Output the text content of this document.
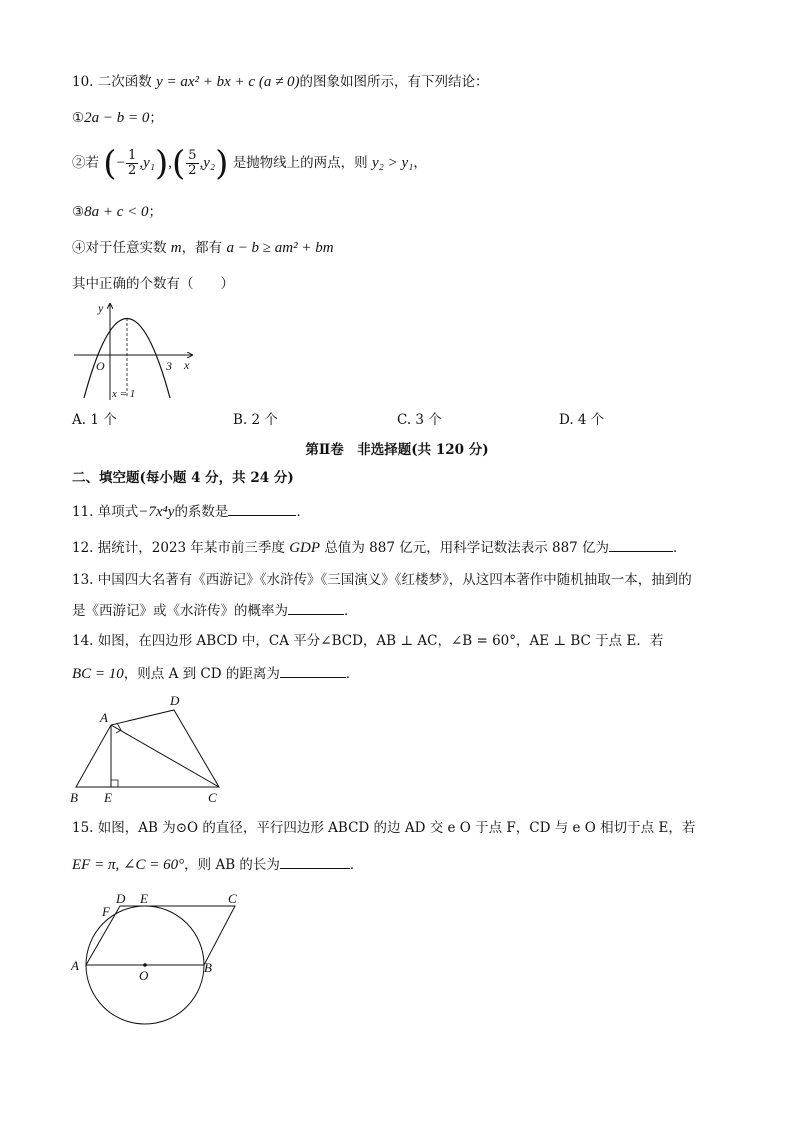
10. 二次函数 y = ax² + bx + c (a ≠ 0)的图象如图所示，有下列结论：
①2a − b = 0；
②若 (− $\frac{1}{2} ,y_1),( \frac{5}{2} ,y_2)$ 是抛物线上的两点，则 y₂ > y₁，
③8a + c < 0；
④对于任意实数 m，都有 a − b ≥ am² + bm
其中正确的个数有（　　）
y
x
O	3
x = 1
A. 1 个	B. 2 个	C. 3 个	D. 4 个
第Ⅱ卷　非选择题(共 120 分)
二、填空题(每小题 4 分，共 24 分)
11. 单项式−7x⁴y的系数是	．
12. 据统计，2023 年某市前三季度 GDP 总值为 887 亿元，用科学记数法表示 887 亿为	．
13. 中国四大名著有《西游记》《水浒传》《三国演义》《红楼梦》，从这四本著作中随机抽取一本，抽到的
是《西游记》或《水浒传》的概率为	．
14. 如图，在四边形 ABCD 中，CA 平分∠BCD，AB ⊥ AC，∠B = 60°，AE ⊥ BC 于点 E．若
BC = 10，则点 A 到 CD 的距离为	．
A
B E	C
D
15. 如图，AB 为⊙O 的直径，平行四边形 ABCD 的边 AD 交 e O 于点 F，CD 与 e O 相切于点 E，若
EF = π, ∠C = 60°，则 AB 的长为	．
A	B
O
D E	C
F
